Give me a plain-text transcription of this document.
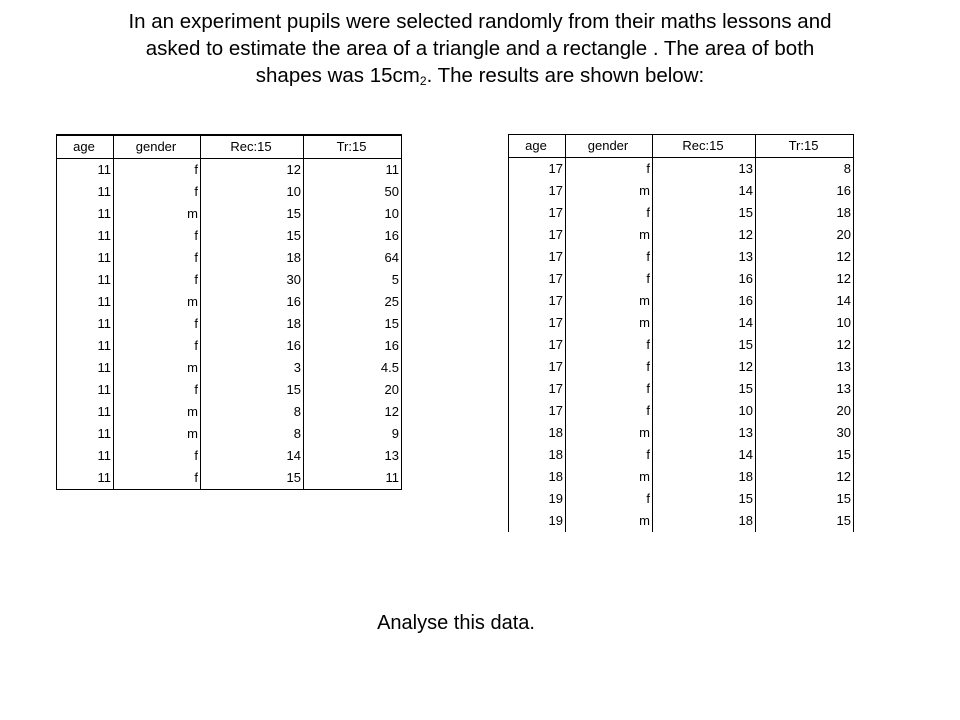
In an experiment pupils were selected randomly from their maths lessons and
asked to estimate the area of a triangle and a rectangle . The area of both
shapes was $15cm_2$. The results are shown below:
age	gender	Rec:15	Tr:15
11	f	12	11
11	f	10	50
11	m	15	10
11	f	15	16
11	f	18	64
11	f	30	5
11	m	16	25
11	f	18	15
11	f	16	16
11	m	3	4.5
11	f	15	20
11	m	8	12
11	m	8	9
11	f	14	13
11	f	15	11
age	gender	Rec:15	Tr:15
17	f	13	8
17	m	14	16
17	f	15	18
17	m	12	20
17	f	13	12
17	f	16	12
17	m	16	14
17	m	14	10
17	f	15	12
17	f	12	13
17	f	15	13
17	f	10	20
18	m	13	30
18	f	14	15
18	m	18	12
19	f	15	15
19	m	18	15
Analyse this data.
